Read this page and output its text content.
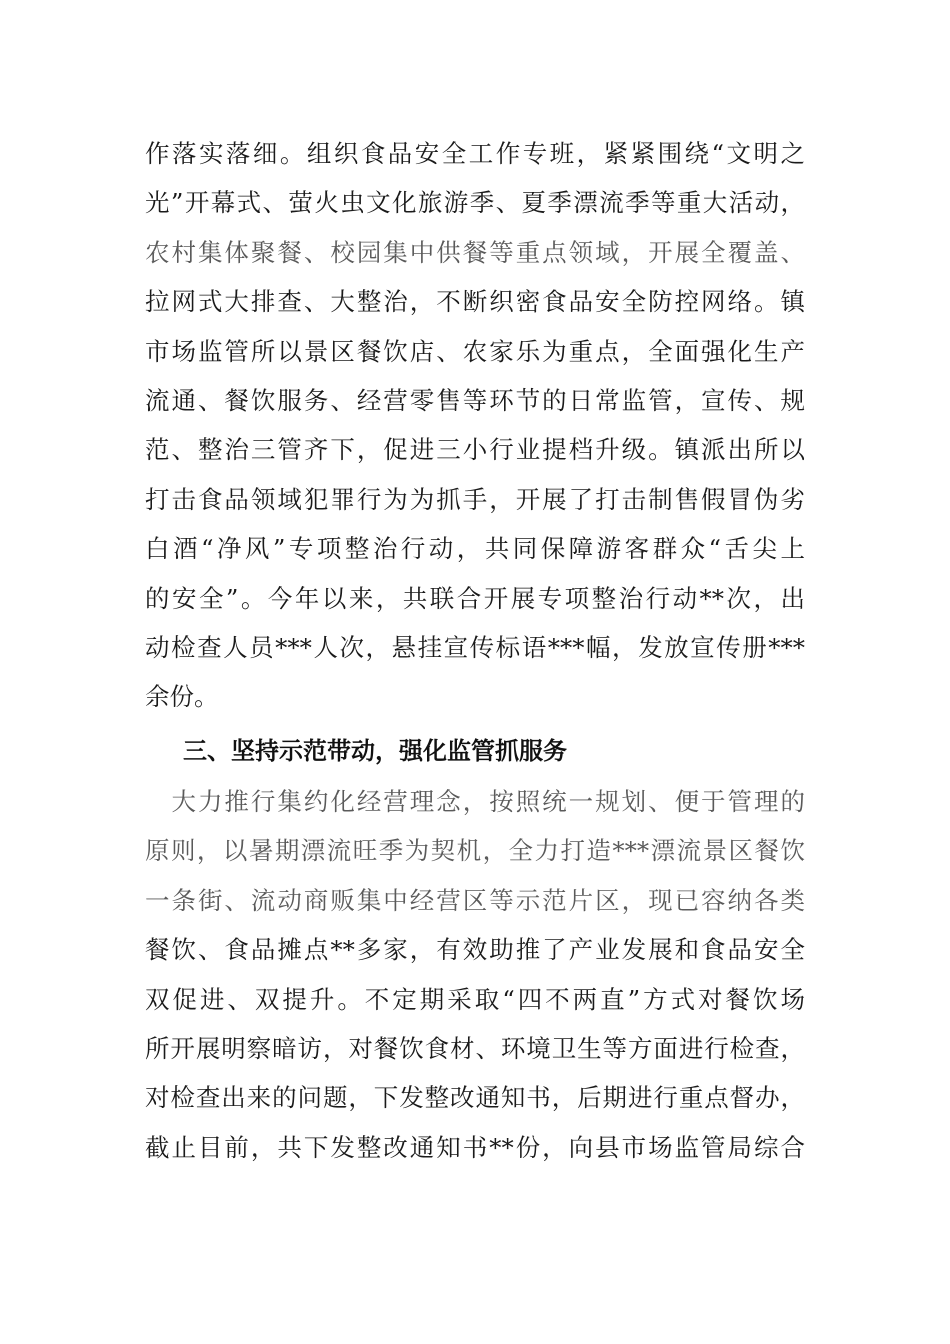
作落实落细。组织食品安全工作专班，紧紧围绕“文明之
光”开幕式、萤火虫文化旅游季、夏季漂流季等重大活动，
农村集体聚餐、校园集中供餐等重点领域，开展全覆盖、
拉网式大排查、大整治，不断织密食品安全防控网络。镇
市场监管所以景区餐饮店、农家乐为重点，全面强化生产
流通、餐饮服务、经营零售等环节的日常监管，宣传、规
范、整治三管齐下，促进三小行业提档升级。镇派出所以
打击食品领域犯罪行为为抓手，开展了打击制售假冒伪劣
白酒“净风”专项整治行动，共同保障游客群众“舌尖上
的安全”。今年以来，共联合开展专项整治行动**次，出
动检查人员***人次，悬挂宣传标语***幅，发放宣传册***
余份。
三、坚持示范带动，强化监管抓服务
　大力推行集约化经营理念，按照统一规划、便于管理的
原则，以暑期漂流旺季为契机，全力打造***漂流景区餐饮
一条街、流动商贩集中经营区等示范片区，现已容纳各类
餐饮、食品摊点**多家，有效助推了产业发展和食品安全
双促进、双提升。不定期采取“四不两直”方式对餐饮场
所开展明察暗访，对餐饮食材、环境卫生等方面进行检查，
对检查出来的问题，下发整改通知书，后期进行重点督办，
截止目前，共下发整改通知书**份，向县市场监管局综合
